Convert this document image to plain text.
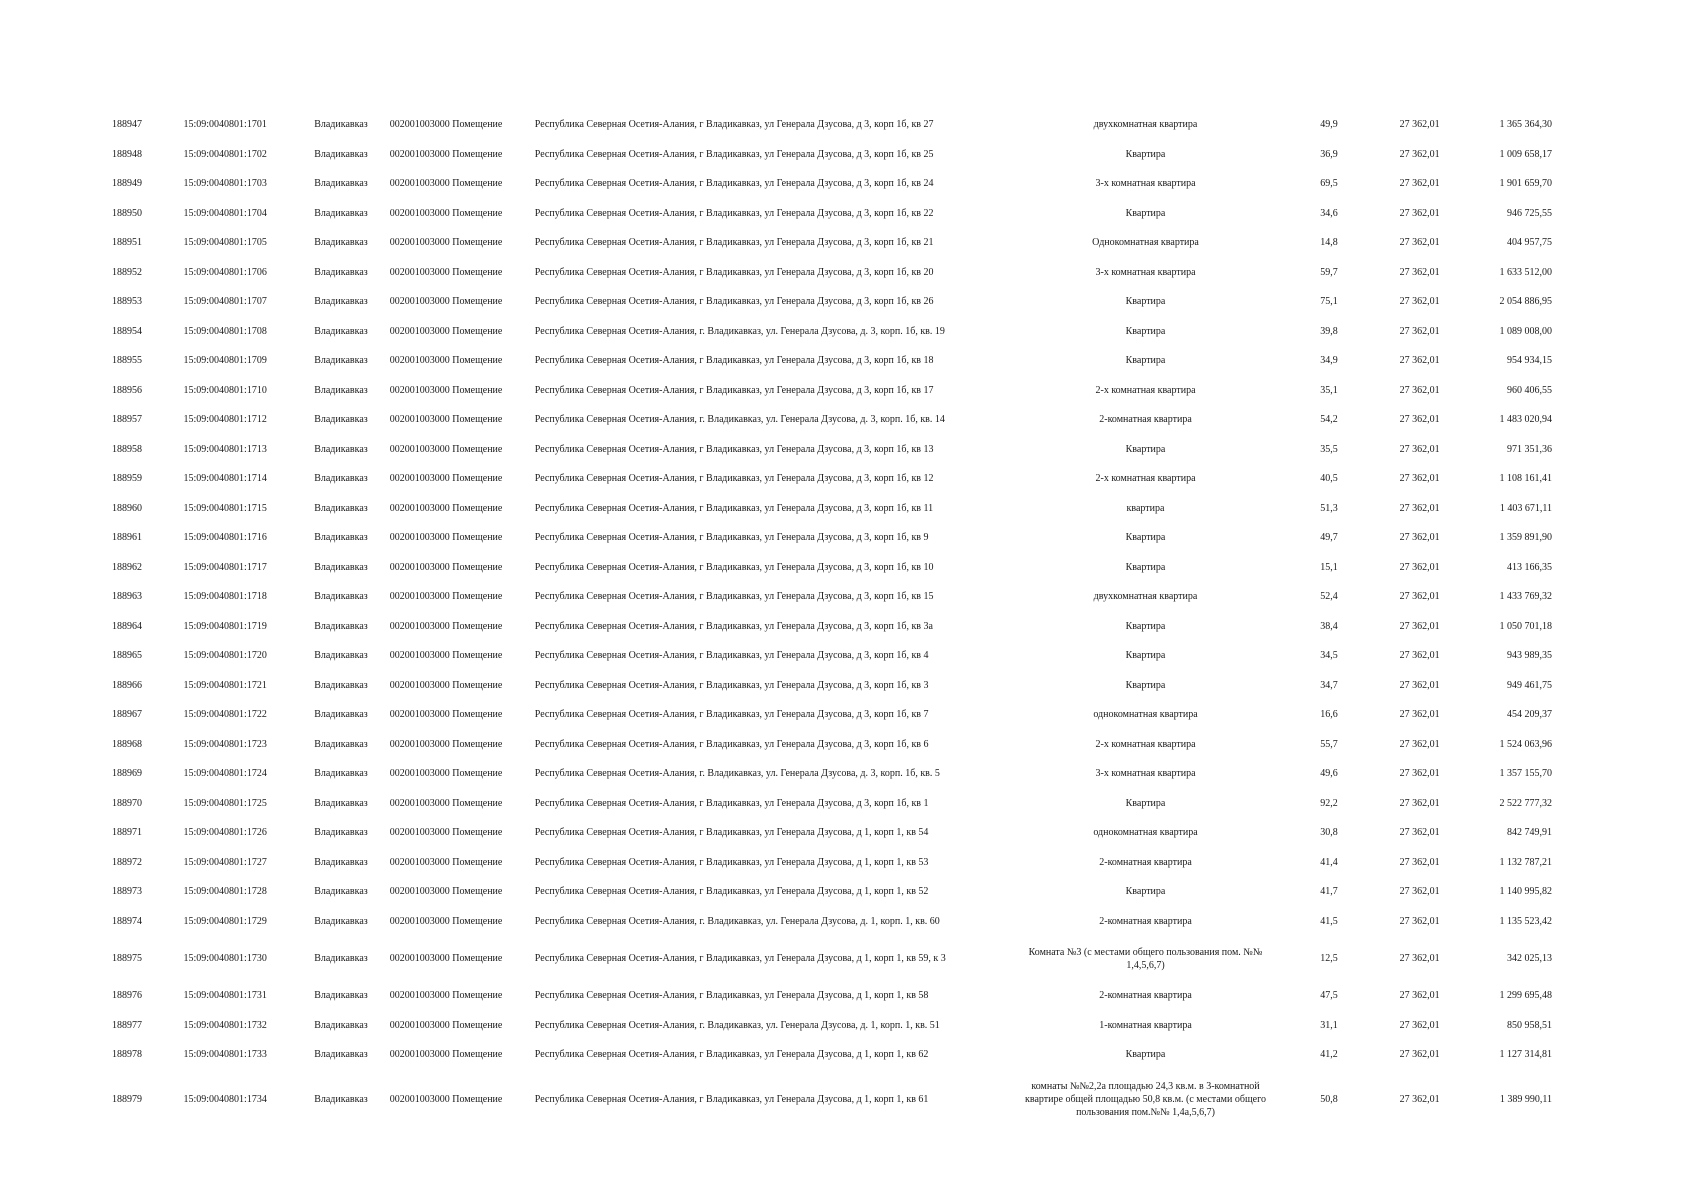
188947	15:09:0040801:1701	Владикавказ	002001003000 Помещение	Республика Северная Осетия-Алания, г Владикавказ, ул Генерала Дзусова, д 3, корп 1б, кв 27	двухкомнатная квартира	49,9	27 362,01	1 365 364,30
188948	15:09:0040801:1702	Владикавказ	002001003000 Помещение	Республика Северная Осетия-Алания, г Владикавказ, ул Генерала Дзусова, д 3, корп 1б, кв 25	Квартира	36,9	27 362,01	1 009 658,17
188949	15:09:0040801:1703	Владикавказ	002001003000 Помещение	Республика Северная Осетия-Алания, г Владикавказ, ул Генерала Дзусова, д 3, корп 1б, кв 24	3-х комнатная квартира	69,5	27 362,01	1 901 659,70
188950	15:09:0040801:1704	Владикавказ	002001003000 Помещение	Республика Северная Осетия-Алания, г Владикавказ, ул Генерала Дзусова, д 3, корп 1б, кв 22	Квартира	34,6	27 362,01	946 725,55
188951	15:09:0040801:1705	Владикавказ	002001003000 Помещение	Республика Северная Осетия-Алания, г Владикавказ, ул Генерала Дзусова, д 3, корп 1б, кв 21	Однокомнатная квартира	14,8	27 362,01	404 957,75
188952	15:09:0040801:1706	Владикавказ	002001003000 Помещение	Республика Северная Осетия-Алания, г Владикавказ, ул Генерала Дзусова, д 3, корп 1б, кв 20	3-х комнатная квартира	59,7	27 362,01	1 633 512,00
188953	15:09:0040801:1707	Владикавказ	002001003000 Помещение	Республика Северная Осетия-Алания, г Владикавказ, ул Генерала Дзусова, д 3, корп 1б, кв 26	Квартира	75,1	27 362,01	2 054 886,95
188954	15:09:0040801:1708	Владикавказ	002001003000 Помещение	Республика Северная Осетия-Алания, г. Владикавказ, ул. Генерала Дзусова, д. 3, корп. 1б, кв. 19	Квартира	39,8	27 362,01	1 089 008,00
188955	15:09:0040801:1709	Владикавказ	002001003000 Помещение	Республика Северная Осетия-Алания, г Владикавказ, ул Генерала Дзусова, д 3, корп 1б, кв 18	Квартира	34,9	27 362,01	954 934,15
188956	15:09:0040801:1710	Владикавказ	002001003000 Помещение	Республика Северная Осетия-Алания, г Владикавказ, ул Генерала Дзусова, д 3, корп 1б, кв 17	2-х комнатная квартира	35,1	27 362,01	960 406,55
188957	15:09:0040801:1712	Владикавказ	002001003000 Помещение	Республика Северная Осетия-Алания, г. Владикавказ, ул. Генерала Дзусова, д. 3, корп. 1б, кв. 14	2-комнатная квартира	54,2	27 362,01	1 483 020,94
188958	15:09:0040801:1713	Владикавказ	002001003000 Помещение	Республика Северная Осетия-Алания, г Владикавказ, ул Генерала Дзусова, д 3, корп 1б, кв 13	Квартира	35,5	27 362,01	971 351,36
188959	15:09:0040801:1714	Владикавказ	002001003000 Помещение	Республика Северная Осетия-Алания, г Владикавказ, ул Генерала Дзусова, д 3, корп 1б, кв 12	2-х комнатная квартира	40,5	27 362,01	1 108 161,41
188960	15:09:0040801:1715	Владикавказ	002001003000 Помещение	Республика Северная Осетия-Алания, г Владикавказ, ул Генерала Дзусова, д 3, корп 1б, кв 11	квартира	51,3	27 362,01	1 403 671,11
188961	15:09:0040801:1716	Владикавказ	002001003000 Помещение	Республика Северная Осетия-Алания, г Владикавказ, ул Генерала Дзусова, д 3, корп 1б, кв 9	Квартира	49,7	27 362,01	1 359 891,90
188962	15:09:0040801:1717	Владикавказ	002001003000 Помещение	Республика Северная Осетия-Алания, г Владикавказ, ул Генерала Дзусова, д 3, корп 1б, кв 10	Квартира	15,1	27 362,01	413 166,35
188963	15:09:0040801:1718	Владикавказ	002001003000 Помещение	Республика Северная Осетия-Алания, г Владикавказ, ул Генерала Дзусова, д 3, корп 1б, кв 15	двухкомнатная квартира	52,4	27 362,01	1 433 769,32
188964	15:09:0040801:1719	Владикавказ	002001003000 Помещение	Республика Северная Осетия-Алания, г Владикавказ, ул Генерала Дзусова, д 3, корп 1б, кв 3а	Квартира	38,4	27 362,01	1 050 701,18
188965	15:09:0040801:1720	Владикавказ	002001003000 Помещение	Республика Северная Осетия-Алания, г Владикавказ, ул Генерала Дзусова, д 3, корп 1б, кв 4	Квартира	34,5	27 362,01	943 989,35
188966	15:09:0040801:1721	Владикавказ	002001003000 Помещение	Республика Северная Осетия-Алания, г Владикавказ, ул Генерала Дзусова, д 3, корп 1б, кв 3	Квартира	34,7	27 362,01	949 461,75
188967	15:09:0040801:1722	Владикавказ	002001003000 Помещение	Республика Северная Осетия-Алания, г Владикавказ, ул Генерала Дзусова, д 3, корп 1б, кв 7	однокомнатная квартира	16,6	27 362,01	454 209,37
188968	15:09:0040801:1723	Владикавказ	002001003000 Помещение	Республика Северная Осетия-Алания, г Владикавказ, ул Генерала Дзусова, д 3, корп 1б, кв 6	2-х комнатная квартира	55,7	27 362,01	1 524 063,96
188969	15:09:0040801:1724	Владикавказ	002001003000 Помещение	Республика Северная Осетия-Алания, г. Владикавказ, ул. Генерала Дзусова, д. 3, корп. 1б, кв. 5	3-х комнатная квартира	49,6	27 362,01	1 357 155,70
188970	15:09:0040801:1725	Владикавказ	002001003000 Помещение	Республика Северная Осетия-Алания, г Владикавказ, ул Генерала Дзусова, д 3, корп 1б, кв 1	Квартира	92,2	27 362,01	2 522 777,32
188971	15:09:0040801:1726	Владикавказ	002001003000 Помещение	Республика Северная Осетия-Алания, г Владикавказ, ул Генерала Дзусова, д 1, корп 1, кв 54	однокомнатная квартира	30,8	27 362,01	842 749,91
188972	15:09:0040801:1727	Владикавказ	002001003000 Помещение	Республика Северная Осетия-Алания, г Владикавказ, ул Генерала Дзусова, д 1, корп 1, кв 53	2-комнатная квартира	41,4	27 362,01	1 132 787,21
188973	15:09:0040801:1728	Владикавказ	002001003000 Помещение	Республика Северная Осетия-Алания, г Владикавказ, ул Генерала Дзусова, д 1, корп 1, кв 52	Квартира	41,7	27 362,01	1 140 995,82
188974	15:09:0040801:1729	Владикавказ	002001003000 Помещение	Республика Северная Осетия-Алания, г. Владикавказ, ул. Генерала Дзусова, д. 1, корп. 1, кв. 60	2-комнатная квартира	41,5	27 362,01	1 135 523,42
188975	15:09:0040801:1730	Владикавказ	002001003000 Помещение	Республика Северная Осетия-Алания, г Владикавказ, ул Генерала Дзусова, д 1, корп 1, кв 59, к 3	Комната №3 (с местами общего пользования пом. №№ 1,4,5,6,7)	12,5	27 362,01	342 025,13
188976	15:09:0040801:1731	Владикавказ	002001003000 Помещение	Республика Северная Осетия-Алания, г Владикавказ, ул Генерала Дзусова, д 1, корп 1, кв 58	2-комнатная квартира	47,5	27 362,01	1 299 695,48
188977	15:09:0040801:1732	Владикавказ	002001003000 Помещение	Республика Северная Осетия-Алания, г. Владикавказ, ул. Генерала Дзусова, д. 1, корп. 1, кв. 51	1-комнатная квартира	31,1	27 362,01	850 958,51
188978	15:09:0040801:1733	Владикавказ	002001003000 Помещение	Республика Северная Осетия-Алания, г Владикавказ, ул Генерала Дзусова, д 1, корп 1, кв 62	Квартира	41,2	27 362,01	1 127 314,81
188979	15:09:0040801:1734	Владикавказ	002001003000 Помещение	Республика Северная Осетия-Алания, г Владикавказ, ул Генерала Дзусова, д 1, корп 1, кв 61	комнаты №№2,2а площадью 24,3 кв.м. в 3-комнатной квартире общей площадью 50,8 кв.м. (с местами общего пользования пом.№№ 1,4а,5,6,7)	50,8	27 362,01	1 389 990,11
